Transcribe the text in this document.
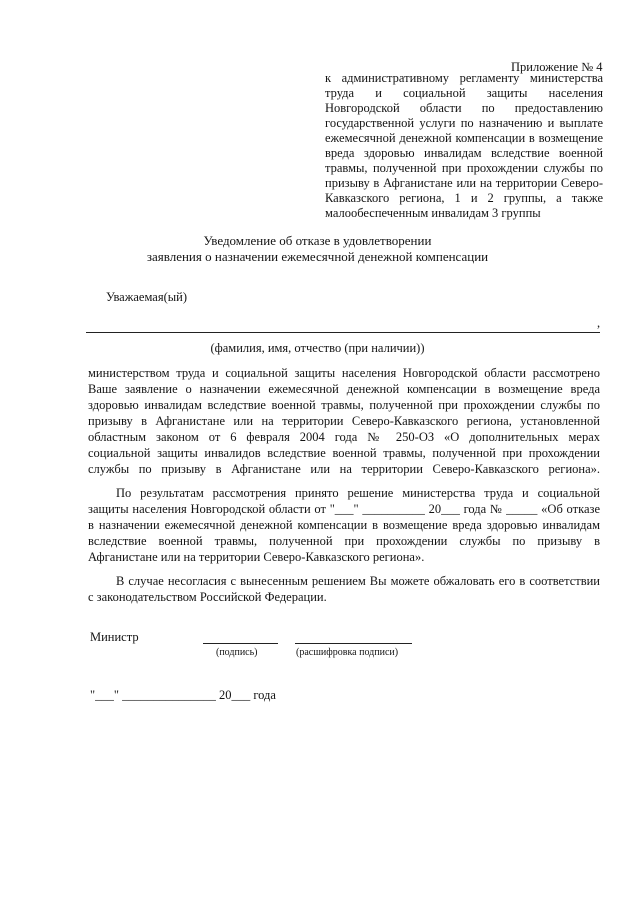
Приложение № 4
к административному регламенту министерства
труда и социальной защиты населения
Новгородской области по предоставлению
государственной услуги по назначению и выплате
ежемесячной денежной компенсации в возмещение
вреда здоровью инвалидам вследствие военной
травмы, полученной при прохождении службы по
призыву в Афганистане или на территории Северо-
Кавказского региона, 1 и 2 группы, а также
малообеспеченным инвалидам 3 группы
Уведомление об отказе в удовлетворении
заявления о назначении ежемесячной денежной компенсации
Уважаемая(ый)
,
(фамилия, имя, отчество (при наличии))
министерством труда и социальной защиты населения Новгородской области рассмотрено
Ваше заявление о назначении ежемесячной денежной компенсации в возмещение вреда
здоровью инвалидам вследствие военной травмы, полученной при прохождении службы по
призыву в Афганистане или на территории Северо-Кавказского региона, установленной
областным законом от 6 февраля 2004 года № 250-ОЗ «О дополнительных мерах
социальной защиты инвалидов вследствие военной травмы, полученной при прохождении
службы по призыву в Афганистане или на территории Северо-Кавказского региона».
По результатам рассмотрения принято решение министерства труда и социальной
защиты населения Новгородской области от "___" __________ 20___ года № _____ «Об отказе
в назначении ежемесячной денежной компенсации в возмещение вреда здоровью инвалидам
вследствие военной травмы, полученной при прохождении службы по призыву в
Афганистане или на территории Северо-Кавказского региона».
В случае несогласия с вынесенным решением Вы можете обжаловать его в соответствии
с законодательством Российской Федерации.
Министр
(подпись)	(расшифровка подписи)
"___" _______________ 20___ года
